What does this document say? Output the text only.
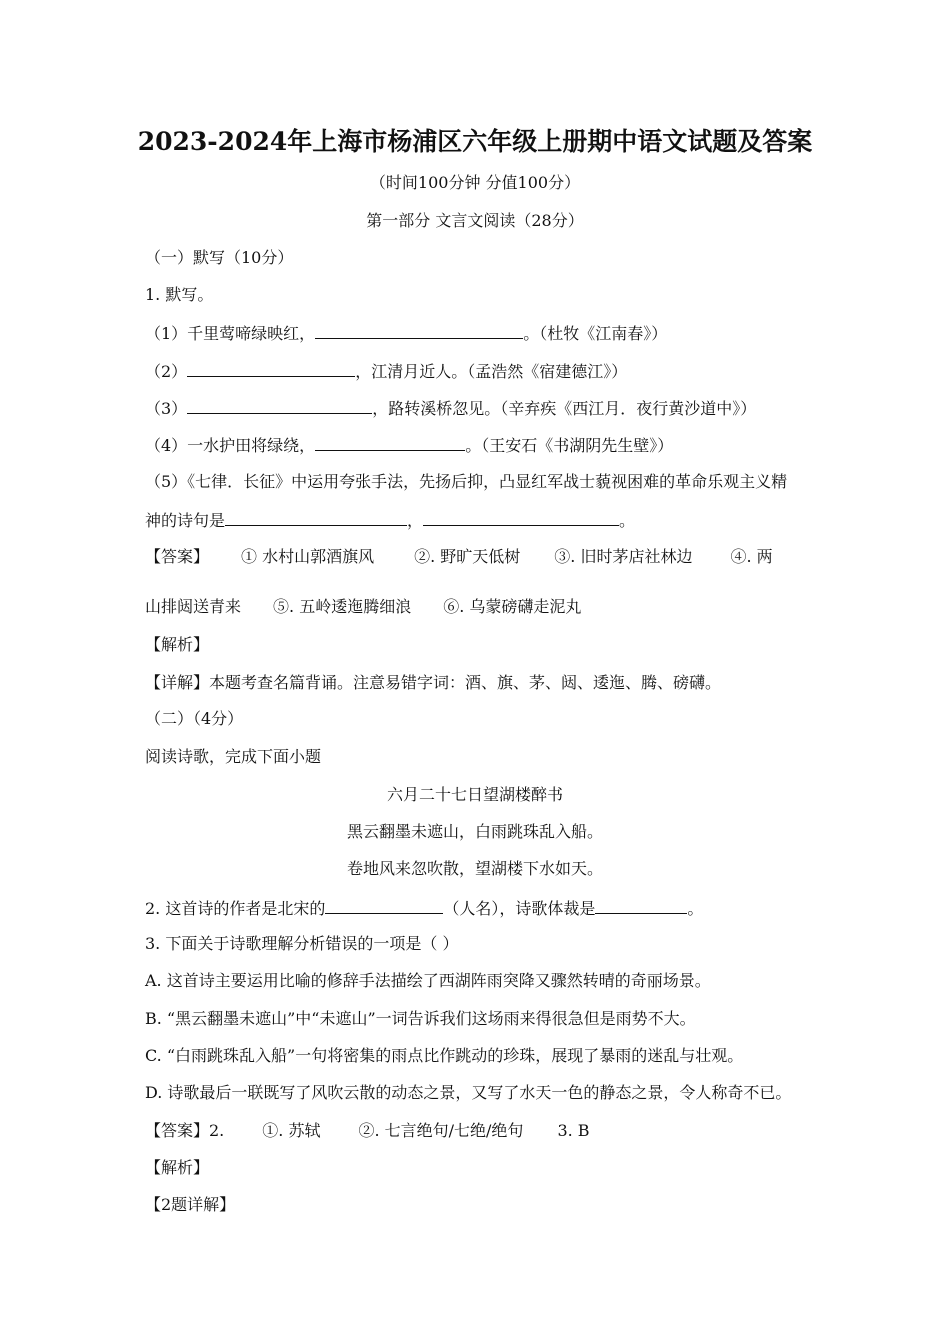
2023-2024年上海市杨浦区六年级上册期中语文试题及答案
（时间100分钟 分值100分）
第一部分 文言文阅读（28分）
（一）默写（10分）
1. 默写。
（1）千里莺啼绿映红，	。（杜牧《江南春》）
（2）	，江清月近人。（孟浩然《宿建德江》）
（3）	，路转溪桥忽见。（辛弃疾《西江月．夜行黄沙道中》）
（4）一水护田将绿绕，	。（王安石《书湖阴先生壁》）
（5）《七律．长征》中运用夸张手法，先扬后抑，凸显红军战士藐视困难的革命乐观主义精
神的诗句是	，	。
【答案】 ① 水村山郭酒旗风	②. 野旷天低树 ③. 旧时茅店社林边 ④. 两
山排闼送青来 ⑤. 五岭逶迤腾细浪 ⑥. 乌蒙磅礴走泥丸
【解析】
【详解】本题考查名篇背诵。注意易错字词：酒、旗、茅、闼、逶迤、腾、磅礴。
（二）（4分）
阅读诗歌，完成下面小题
六月二十七日望湖楼醉书
黑云翻墨未遮山，白雨跳珠乱入船。
卷地风来忽吹散，望湖楼下水如天。
2. 这首诗的作者是北宋的	（人名），诗歌体裁是	。
3. 下面关于诗歌理解分析错误的一项是（ ）
A. 这首诗主要运用比喻的修辞手法描绘了西湖阵雨突降又骤然转晴的奇丽场景。
B. “黑云翻墨未遮山”中“未遮山”一词告诉我们这场雨来得很急但是雨势不大。
C. “白雨跳珠乱入船”一句将密集的雨点比作跳动的珍珠，展现了暴雨的迷乱与壮观。
D. 诗歌最后一联既写了风吹云散的动态之景，又写了水天一色的静态之景，令人称奇不已。
【答案】2. ①. 苏轼 ②. 七言绝句/七绝/绝句 3. B
【解析】
【2题详解】
